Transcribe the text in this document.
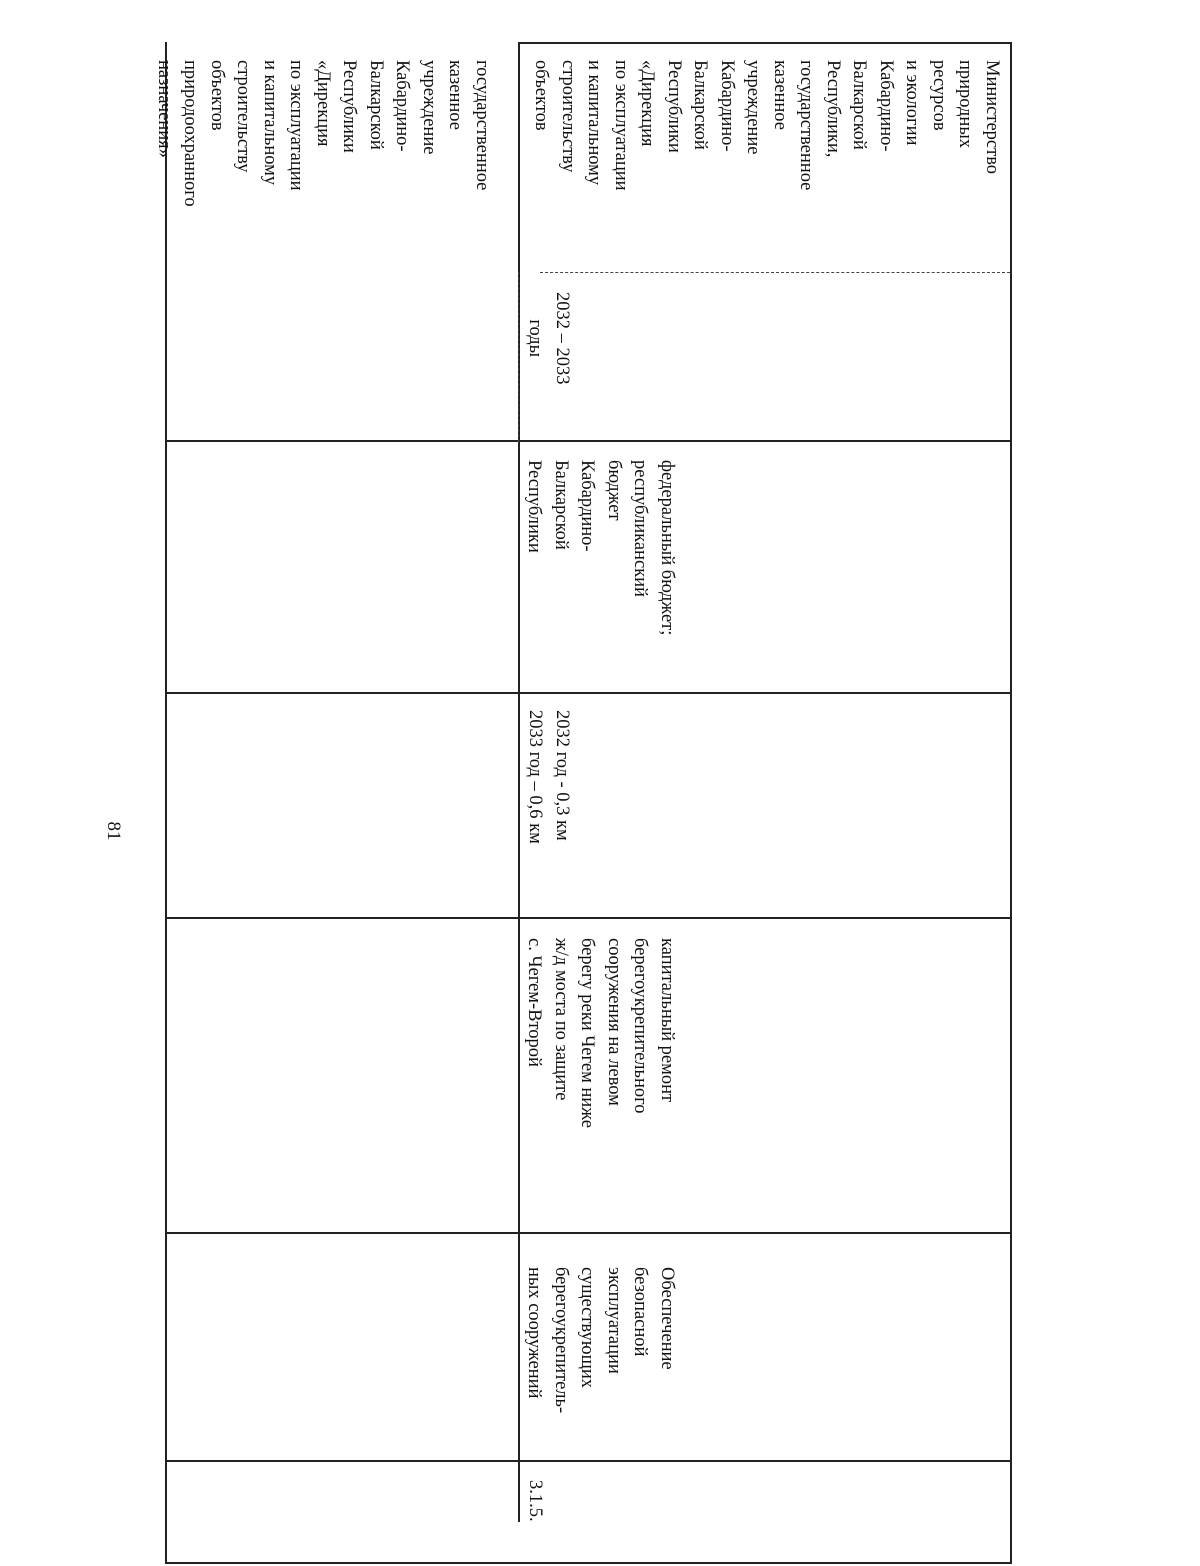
81
государственное
казенное
учреждение
Кабардино-
Балкарской
Республики
«Дирекция
по эксплуатации
и капитальному
строительству
объектов
природоохранного
назначения»
3.1.5.
Обеспечение
безопасной
эксплуатации
существующих
берегоукрепитель-
ных сооружений
капитальный ремонт
берегоукрепительного
сооружения на левом
берегу реки Чегем ниже
ж/д моста по защите
с. Чегем-Второй
2032 год - 0,3 км
2033 год – 0,6 км
федеральный бюджет;
республиканский
бюджет
Кабардино-
Балкарской
Республики
2032 – 2033
годы
Министерство
природных
ресурсов
и экологии
Кабардино-
Балкарской
Республики,
государственное
казенное
учреждение
Кабардино-
Балкарской
Республики
«Дирекция
по эксплуатации
и капитальному
строительству
объектов
